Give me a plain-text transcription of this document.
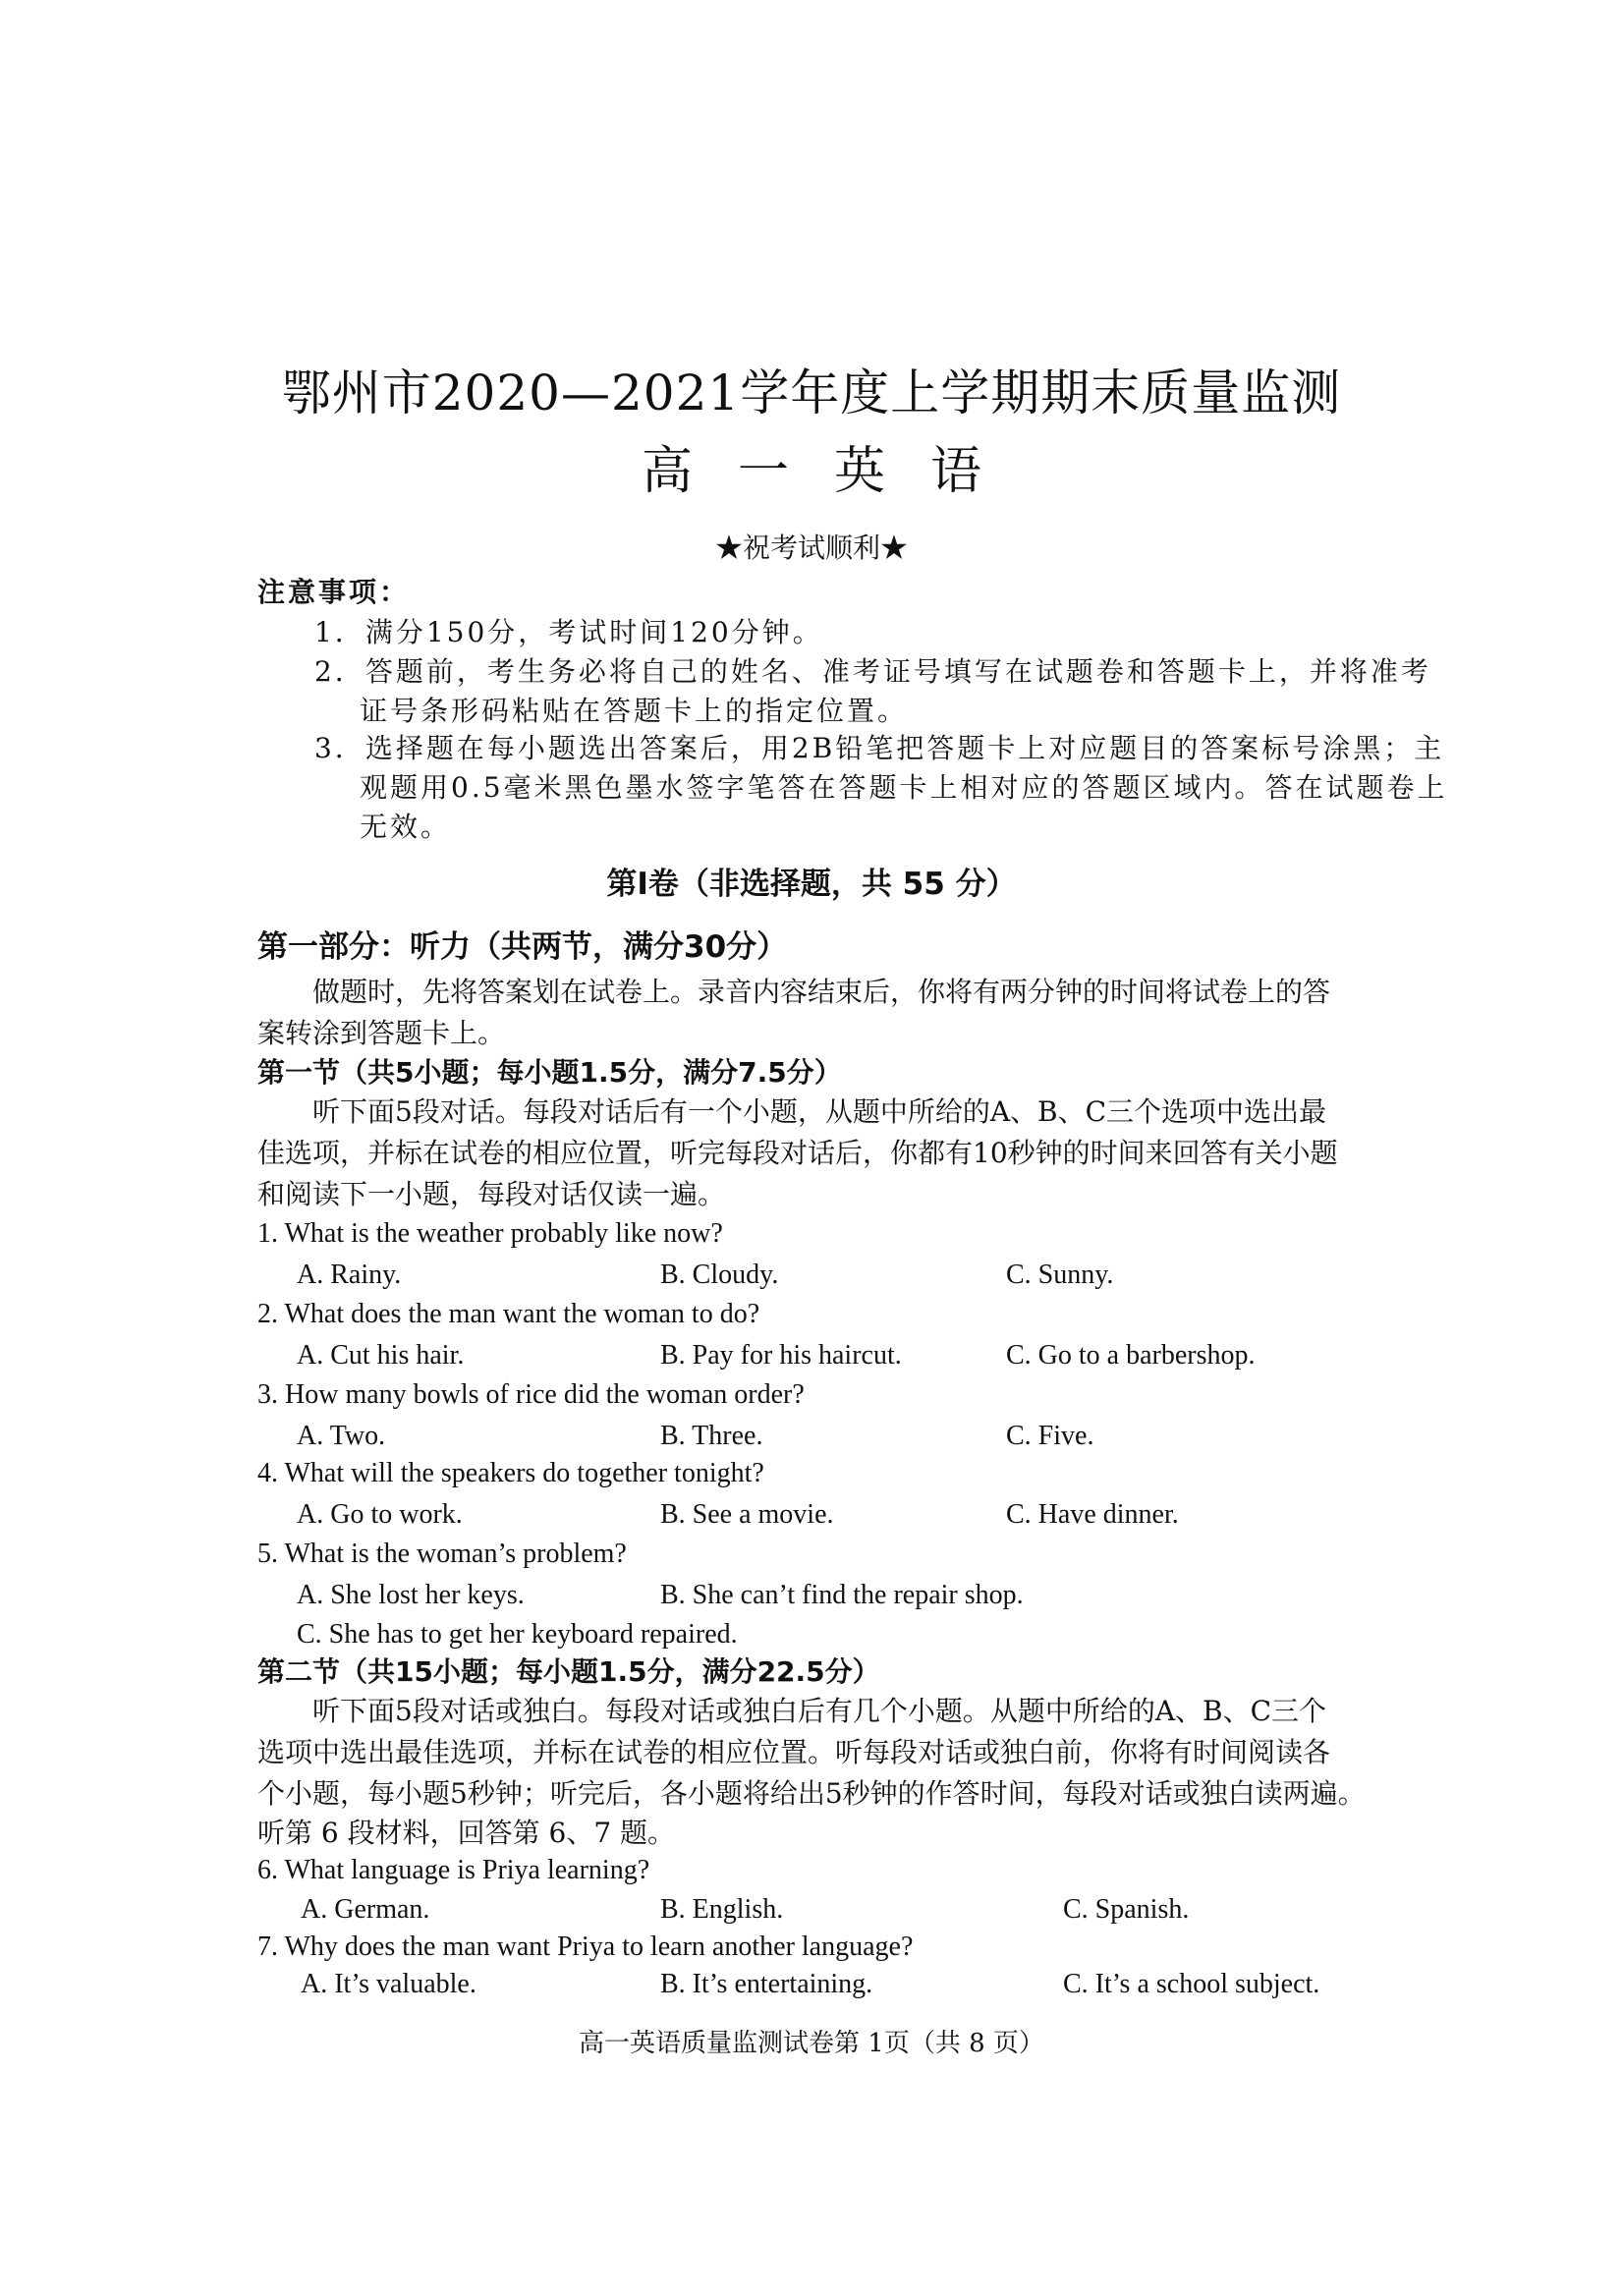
鄂州市2020—2021学年度上学期期末质量监测
高一英语
★祝考试顺利★
注意事项：
1．满分150分，考试时间120分钟。
2．答题前，考生务必将自己的姓名、准考证号填写在试题卷和答题卡上，并将准考
证号条形码粘贴在答题卡上的指定位置。
3．选择题在每小题选出答案后，用2B铅笔把答题卡上对应题目的答案标号涂黑；主
观题用0.5毫米黑色墨水签字笔答在答题卡上相对应的答题区域内。答在试题卷上
无效。
第Ⅰ卷（非选择题，共 55 分）
第一部分：听力（共两节，满分30分）
做题时，先将答案划在试卷上。录音内容结束后，你将有两分钟的时间将试卷上的答
案转涂到答题卡上。
第一节（共5小题；每小题1.5分，满分7.5分）
听下面5段对话。每段对话后有一个小题，从题中所给的A、B、C三个选项中选出最
佳选项，并标在试卷的相应位置，听完每段对话后，你都有10秒钟的时间来回答有关小题
和阅读下一小题，每段对话仅读一遍。
1. What is the weather probably like now?
A. Rainy.	B. Cloudy.	C. Sunny.
2. What does the man want the woman to do?
A. Cut his hair.	B. Pay for his haircut.	C. Go to a barbershop.
3. How many bowls of rice did the woman order?
A. Two.	B. Three.	C. Five.
4. What will the speakers do together tonight?
A. Go to work.	B. See a movie.	C. Have dinner.
5. What is the woman’s problem?
A. She lost her keys.	B. She can’t find the repair shop.
C. She has to get her keyboard repaired.
第二节（共15小题；每小题1.5分，满分22.5分）
听下面5段对话或独白。每段对话或独白后有几个小题。从题中所给的A、B、C三个
选项中选出最佳选项，并标在试卷的相应位置。听每段对话或独白前，你将有时间阅读各
个小题，每小题5秒钟；听完后，各小题将给出5秒钟的作答时间，每段对话或独白读两遍。
听第 6 段材料，回答第 6、7 题。
6. What language is Priya learning?
A. German.	B. English.	C. Spanish.
7. Why does the man want Priya to learn another language?
A. It’s valuable.	B. It’s entertaining.	C. It’s a school subject.
高一英语质量监测试卷第 1页（共 8 页）
